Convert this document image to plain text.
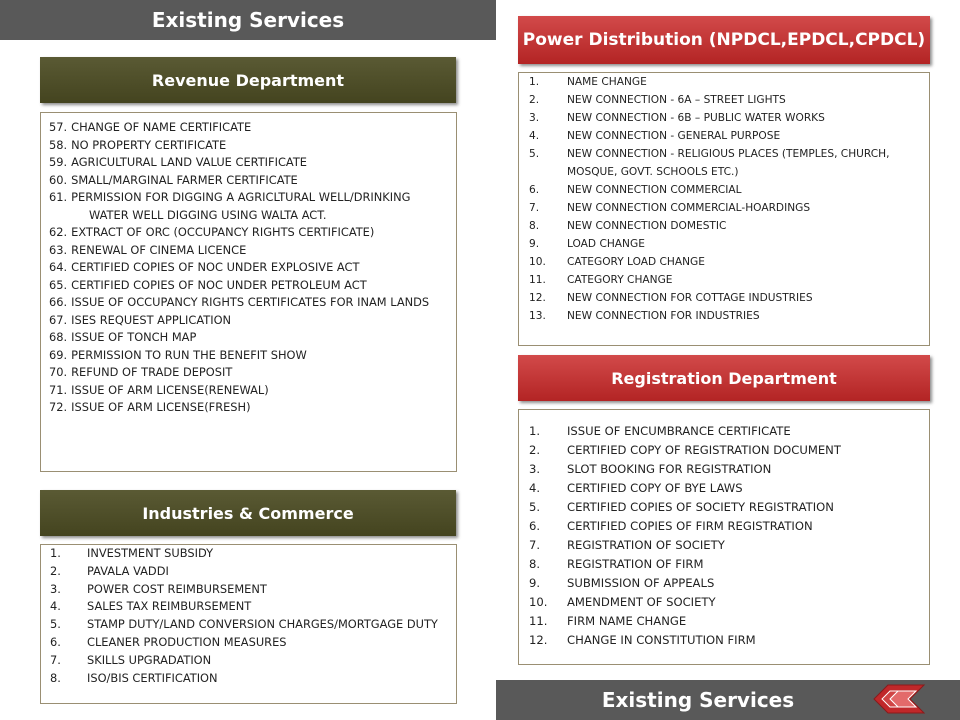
Existing Services
Revenue Department
57. CHANGE OF NAME CERTIFICATE
58. NO PROPERTY CERTIFICATE
59. AGRICULTURAL LAND VALUE CERTIFICATE
60. SMALL/MARGINAL FARMER CERTIFICATE
61. PERMISSION FOR DIGGING A AGRICLTURAL WELL/DRINKING WATER WELL DIGGING USING WALTA ACT.
62. EXTRACT OF ORC (OCCUPANCY RIGHTS CERTIFICATE)
63. RENEWAL OF CINEMA LICENCE
64. CERTIFIED COPIES OF NOC UNDER EXPLOSIVE ACT
65. CERTIFIED COPIES OF NOC UNDER PETROLEUM ACT
66. ISSUE OF OCCUPANCY RIGHTS CERTIFICATES FOR INAM LANDS
67. ISES REQUEST APPLICATION
68. ISSUE OF TONCH MAP
69. PERMISSION TO RUN THE BENEFIT SHOW
70. REFUND OF TRADE DEPOSIT
71. ISSUE OF ARM LICENSE(RENEWAL)
72. ISSUE OF ARM LICENSE(FRESH)
Industries & Commerce
1.	INVESTMENT SUBSIDY
2.	PAVALA VADDI
3.	POWER COST REIMBURSEMENT
4.	SALES TAX REIMBURSEMENT
5.	STAMP DUTY/LAND CONVERSION CHARGES/MORTGAGE DUTY
6.	CLEANER PRODUCTION MEASURES
7.	SKILLS UPGRADATION
8.	ISO/BIS CERTIFICATION
Power Distribution (NPDCL,EPDCL,CPDCL)
1.	NAME CHANGE
2.	NEW CONNECTION - 6A – STREET LIGHTS
3.	NEW CONNECTION - 6B – PUBLIC WATER WORKS
4.	NEW CONNECTION - GENERAL PURPOSE
5.	NEW CONNECTION - RELIGIOUS PLACES (TEMPLES, CHURCH, MOSQUE, GOVT. SCHOOLS ETC.)
6.	NEW CONNECTION COMMERCIAL
7.	NEW CONNECTION COMMERCIAL-HOARDINGS
8.	NEW CONNECTION DOMESTIC
9.	LOAD CHANGE
10.	CATEGORY LOAD CHANGE
11.	CATEGORY CHANGE
12.	NEW CONNECTION FOR COTTAGE INDUSTRIES
13.	NEW CONNECTION FOR INDUSTRIES
Registration Department
1.	ISSUE OF ENCUMBRANCE CERTIFICATE
2.	CERTIFIED COPY OF REGISTRATION DOCUMENT
3.	SLOT BOOKING FOR REGISTRATION
4.	CERTIFIED COPY OF BYE LAWS
5.	CERTIFIED COPIES OF SOCIETY REGISTRATION
6.	CERTIFIED COPIES OF FIRM REGISTRATION
7.	REGISTRATION OF SOCIETY
8.	REGISTRATION OF FIRM
9.	SUBMISSION OF APPEALS
10.	AMENDMENT OF SOCIETY
11.	FIRM NAME CHANGE
12.	CHANGE IN CONSTITUTION FIRM
Existing Services
